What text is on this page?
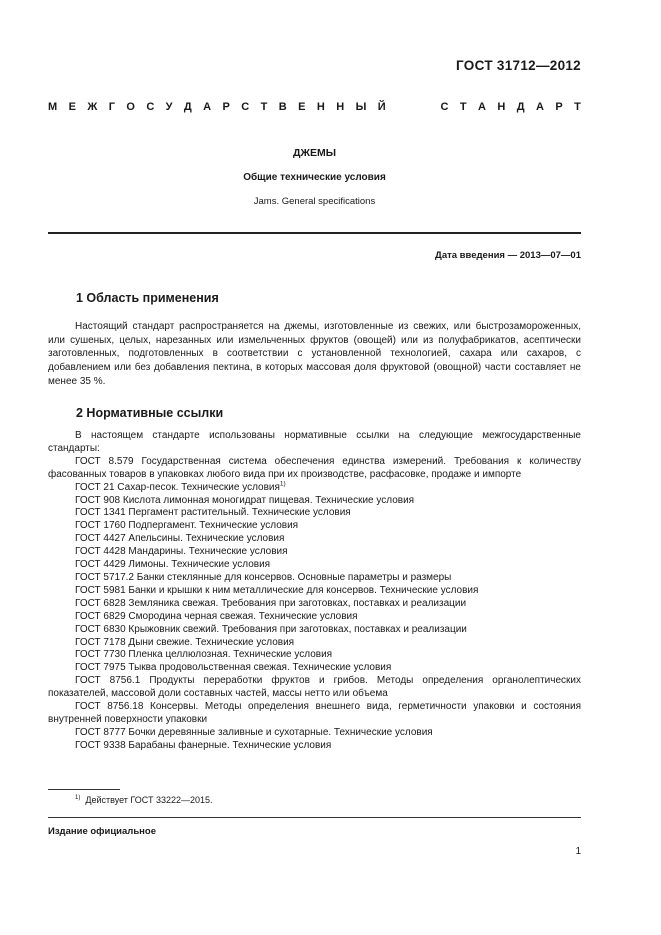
ГОСТ 31712—2012
М Е Ж Г О С У Д А Р С Т В Е Н Н Ы Й

	С Т А Н Д А Р Т
ДЖЕМЫ
Общие технические условия
Jams. General specifications
Дата введения — 2013—07—01
1 Область применения

Настоящий стандарт распространяется на джемы, изготовленные из свежих, или быстрозамороженных, или сушеных, целых, нарезанных или измельченных фруктов (овощей) или из полуфабрикатов, асептически заготовленных, подготовленных в соответствии с установленной технологией, сахара или сахаров, с добавлением или без добавления пектина, в которых массовая доля фруктовой (овощной) части составляет не менее 35 %.

2 Нормативные ссылки
В настоящем стандарте использованы нормативные ссылки на следующие межгосударственные стандарты:
ГОСТ 8.579 Государственная система обеспечения единства измерений. Требования к количеству фасованных товаров в упаковках любого вида при их производстве, расфасовке, продаже и импорте
ГОСТ 21 Сахар-песок. Технические условия$^{1)}$
ГОСТ 908 Кислота лимонная моногидрат пищевая. Технические условия
ГОСТ 1341 Пергамент растительный. Технические условия
ГОСТ 1760 Подпергамент. Технические условия
ГОСТ 4427 Апельсины. Технические условия
ГОСТ 4428 Мандарины. Технические условия
ГОСТ 4429 Лимоны. Технические условия
ГОСТ 5717.2 Банки стеклянные для консервов. Основные параметры и размеры
ГОСТ 5981 Банки и крышки к ним металлические для консервов. Технические условия
ГОСТ 6828 Земляника свежая. Требования при заготовках, поставках и реализации
ГОСТ 6829 Смородина черная свежая. Технические условия
ГОСТ 6830 Крыжовник свежий. Требования при заготовках, поставках и реализации
ГОСТ 7178 Дыни свежие. Технические условия
ГОСТ 7730 Пленка целлюлозная. Технические условия
ГОСТ 7975 Тыква продовольственная свежая. Технические условия
ГОСТ 8756.1 Продукты переработки фруктов и грибов. Методы определения органолептических показателей, массовой доли составных частей, массы нетто или объема
ГОСТ 8756.18 Консервы. Методы определения внешнего вида, герметичности упаковки и состояния внутренней поверхности упаковки
ГОСТ 8777 Бочки деревянные заливные и сухотарные. Технические условия
ГОСТ 9338 Барабаны фанерные. Технические условия
$^{1)}$ Действует ГОСТ 33222—2015.
Издание официальное
1
